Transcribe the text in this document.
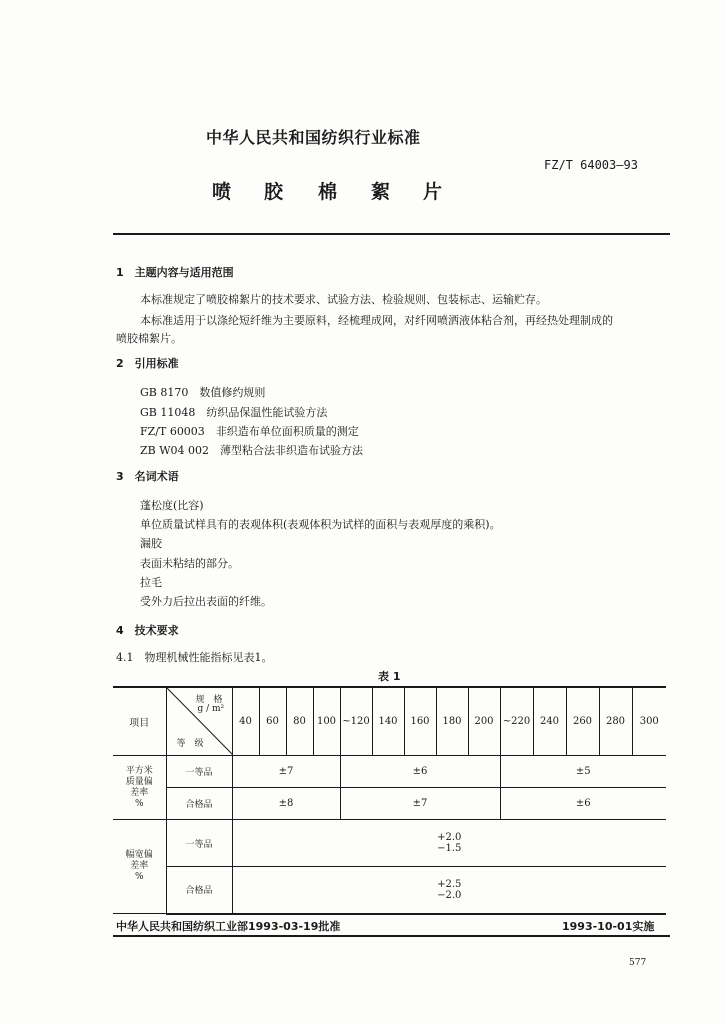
中华人民共和国纺织行业标准
FZ/T 64003—93
喷 胶 棉 絮 片
1　主题内容与适用范围
本标准规定了喷胶棉絮片的技术要求、试验方法、检验规则、包装标志、运输贮存。
本标准适用于以涤纶短纤维为主要原料，经梳理成网，对纤网喷洒液体粘合剂，再经热处理制成的
喷胶棉絮片。
2　引用标准
GB 8170　数值修约规则
GB 11048　纺织品保温性能试验方法
FZ/T 60003　非织造布单位面积质量的测定
ZB W04 002　薄型粘合法非织造布试验方法
3　名词术语
蓬松度(比容)
单位质量试样具有的表观体积(表观体积为试样的面积与表观厚度的乘积)。
漏胶
表面未粘结的部分。
拉毛
受外力后拉出表面的纤维。
4　技术要求
4.1　物理机械性能指标见表1。
表 1
项目	规　格
g / m²
等　级	40	60	80	100	~120	140	160	180	200	~220	240	260	280	300

平方米
质量偏
差率
%	一等品	±7				±6					±5				
	合格品	±8				±7					±6				

幅宽偏
差率
%	一等品	+2.0
−1.5													

	合格品	+2.5
−2.0													
中华人民共和国纺织工业部1993-03-19批准	1993-10-01实施
577
